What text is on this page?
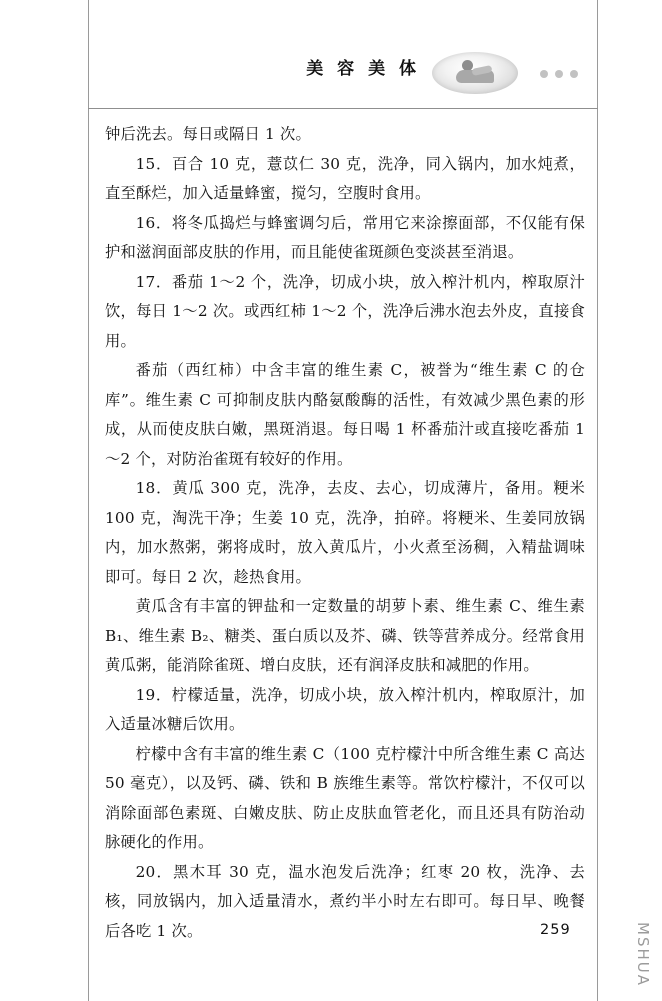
美 容 美 体

钟后洗去。每日或隔日 1 次。

15．百合 10 克，薏苡仁 30 克，洗净，同入锅内，加水炖煮，直至酥烂，加入适量蜂蜜，搅匀，空腹时食用。

16．将冬瓜捣烂与蜂蜜调匀后，常用它来涂擦面部，不仅能有保护和滋润面部皮肤的作用，而且能使雀斑颜色变淡甚至消退。

17．番茄 1～2 个，洗净，切成小块，放入榨汁机内，榨取原汁饮，每日 1～2 次。或西红柿 1～2 个，洗净后沸水泡去外皮，直接食用。

番茄（西红柿）中含丰富的维生素 C，被誉为“维生素 C 的仓库”。维生素 C 可抑制皮肤内酪氨酸酶的活性，有效减少黑色素的形成，从而使皮肤白嫩，黑斑消退。每日喝 1 杯番茄汁或直接吃番茄 1～2 个，对防治雀斑有较好的作用。

18．黄瓜 300 克，洗净，去皮、去心，切成薄片，备用。粳米 100 克，淘洗干净；生姜 10 克，洗净，拍碎。将粳米、生姜同放锅内，加水熬粥，粥将成时，放入黄瓜片，小火煮至汤稠，入精盐调味即可。每日 2 次，趁热食用。

黄瓜含有丰富的钾盐和一定数量的胡萝卜素、维生素 C、维生素 B₁、维生素 B₂、糖类、蛋白质以及芥、磷、铁等营养成分。经常食用黄瓜粥，能消除雀斑、增白皮肤，还有润泽皮肤和减肥的作用。

19．柠檬适量，洗净，切成小块，放入榨汁机内，榨取原汁，加入适量冰糖后饮用。

柠檬中含有丰富的维生素 C（100 克柠檬汁中所含维生素 C 高达 50 毫克），以及钙、磷、铁和 B 族维生素等。常饮柠檬汁，不仅可以消除面部色素斑、白嫩皮肤、防止皮肤血管老化，而且还具有防治动脉硬化的作用。

20．黑木耳 30 克，温水泡发后洗净；红枣 20 枚，洗净、去核，同放锅内，加入适量清水，煮约半小时左右即可。每日早、晚餐后各吃 1 次。	259	MSHUA
